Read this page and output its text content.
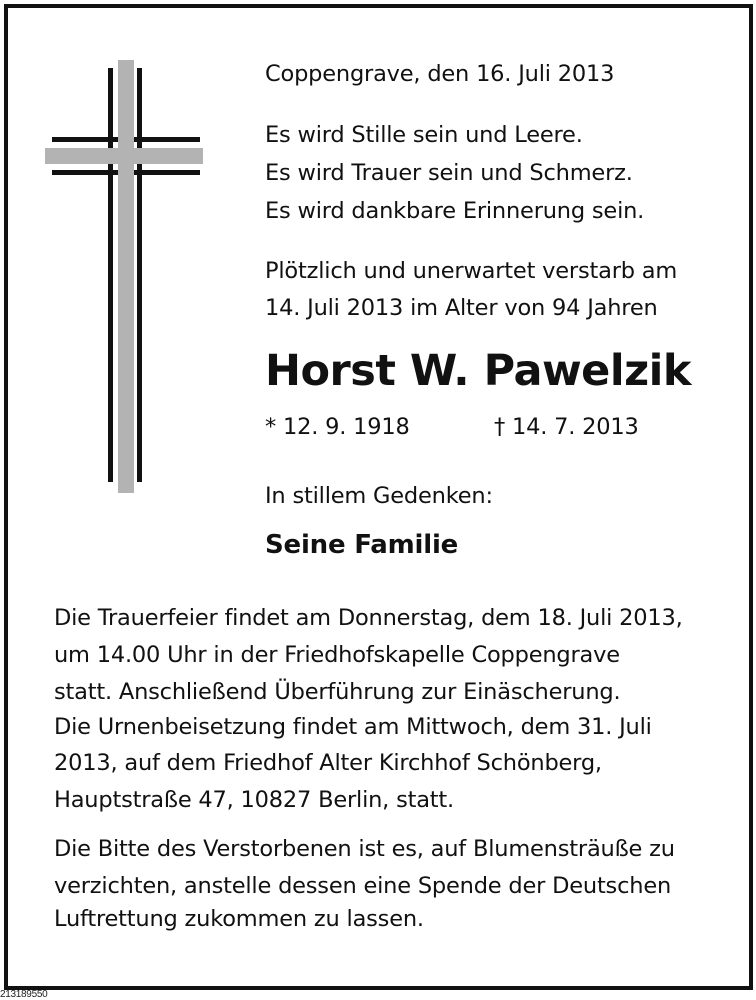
Coppengrave, den 16. Juli 2013
Es wird Stille sein und Leere.
Es wird Trauer sein und Schmerz.
Es wird dankbare Erinnerung sein.
Plötzlich und unerwartet verstarb am
14. Juli 2013 im Alter von 94 Jahren
Horst W. Pawelzik
* 12. 9. 1918	† 14. 7. 2013
In stillem Gedenken:
Seine Familie
Die Trauerfeier findet am Donnerstag, dem 18. Juli 2013,
um 14.00 Uhr in der Friedhofskapelle Coppengrave
statt. Anschließend Überführung zur Einäscherung.
Die Urnenbeisetzung findet am Mittwoch, dem 31. Juli
2013, auf dem Friedhof Alter Kirchhof Schönberg,
Hauptstraße 47, 10827 Berlin, statt.
Die Bitte des Verstorbenen ist es, auf Blumensträuße zu
verzichten, anstelle dessen eine Spende der Deutschen
Luftrettung zukommen zu lassen.
213189550
